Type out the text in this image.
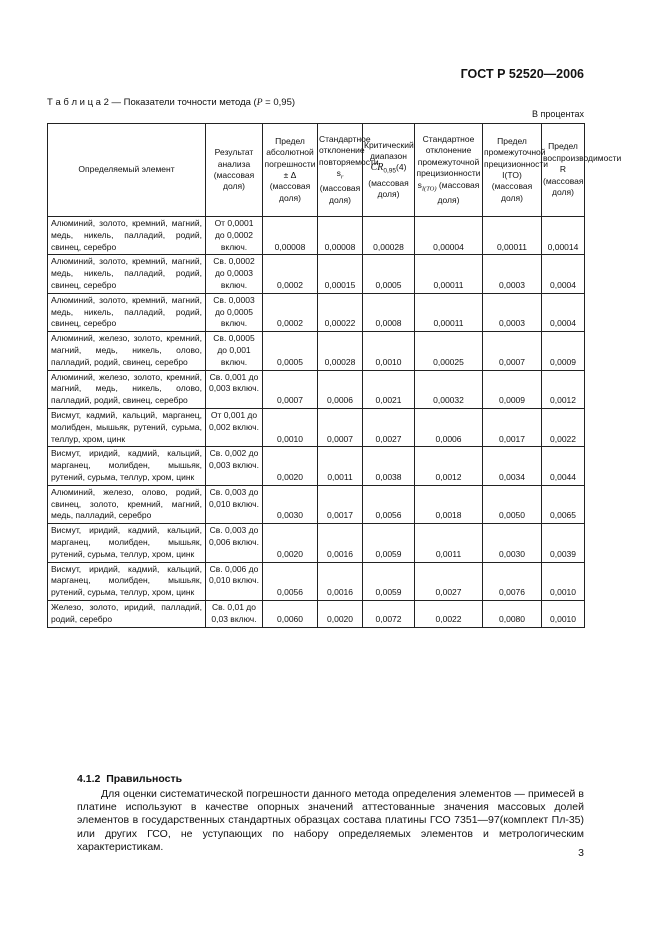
ГОСТ Р 52520—2006
Т а б л и ц а 2 — Показатели точности метода (P = 0,95)
В процентах
Определяемый элемент	Результат анализа (массовая доля)	Предел абсолютной погрешности ± Δ (массовая доля)	Стандартное отклонение повторяемости $s_r$ (массовая доля)	Критический диапазон $CR_{0,95}(4)$ (массовая доля)	Стандартное отклонение промежуточной прецизионности $s_{I(TO)}$ (массовая доля)	Предел промежуточной прецизионности I(TO) (массовая доля)	Предел воспроизводимости R (массовая доля)
Алюминий, золото, кремний, магний, медь, никель, палладий, родий, свинец, серебро	От 0,0001 до 0,0002 включ.	0,00008	0,00008	0,00028	0,00004	0,00011	0,00014
Алюминий, золото, кремний, магний, медь, никель, палладий, родий, свинец, серебро	Св. 0,0002 до 0,0003 включ.	0,0002	0,00015	0,0005	0,00011	0,0003	0,0004
Алюминий, золото, кремний, магний, медь, никель, палладий, родий, свинец, серебро	Св. 0,0003 до 0,0005 включ.	0,0002	0,00022	0,0008	0,00011	0,0003	0,0004
Алюминий, железо, золото, кремний, магний, медь, никель, олово, палладий, родий, свинец, серебро	Св. 0,0005 до 0,001 включ.	0,0005	0,00028	0,0010	0,00025	0,0007	0,0009
Алюминий, железо, золото, кремний, магний, медь, никель, олово, палладий, родий, свинец, серебро	Св. 0,001 до 0,003 включ.	0,0007	0,0006	0,0021	0,00032	0,0009	0,0012
Висмут, кадмий, кальций, марганец, молибден, мышьяк, рутений, сурьма, теллур, хром, цинк	От 0,001 до 0,002 включ.	0,0010	0,0007	0,0027	0,0006	0,0017	0,0022
Висмут, иридий, кадмий, кальций, марганец, молибден, мышьяк, рутений, сурьма, теллур, хром, цинк	Св. 0,002 до 0,003 включ.	0,0020	0,0011	0,0038	0,0012	0,0034	0,0044
Алюминий, железо, олово, родий, свинец, золото, кремний, магний, медь, палладий, серебро	Св. 0,003 до 0,010 включ.	0,0030	0,0017	0,0056	0,0018	0,0050	0,0065
Висмут, иридий, кадмий, кальций, марганец, молибден, мышьяк, рутений, сурьма, теллур, хром, цинк	Св. 0,003 до 0,006 включ.	0,0020	0,0016	0,0059	0,0011	0,0030	0,0039
Висмут, иридий, кадмий, кальций, марганец, молибден, мышьяк, рутений, сурьма, теллур, хром, цинк	Св. 0,006 до 0,010 включ.	0,0056	0,0016	0,0059	0,0027	0,0076	0,0010
Железо, золото, иридий, палладий, родий, серебро	Св. 0,01 до 0,03 включ.	0,0060	0,0020	0,0072	0,0022	0,0080	0,0010
4.1.2 Правильность

Для оценки систематической погрешности данного метода определения элементов — примесей в платине используют в качестве опорных значений аттестованные значения массовых долей элементов в государственных стандартных образцах состава платины ГСО 7351—97(комплект Пл-35) или других ГСО, не уступающих по набору определяемых элементов и метрологическим характеристикам.

3
